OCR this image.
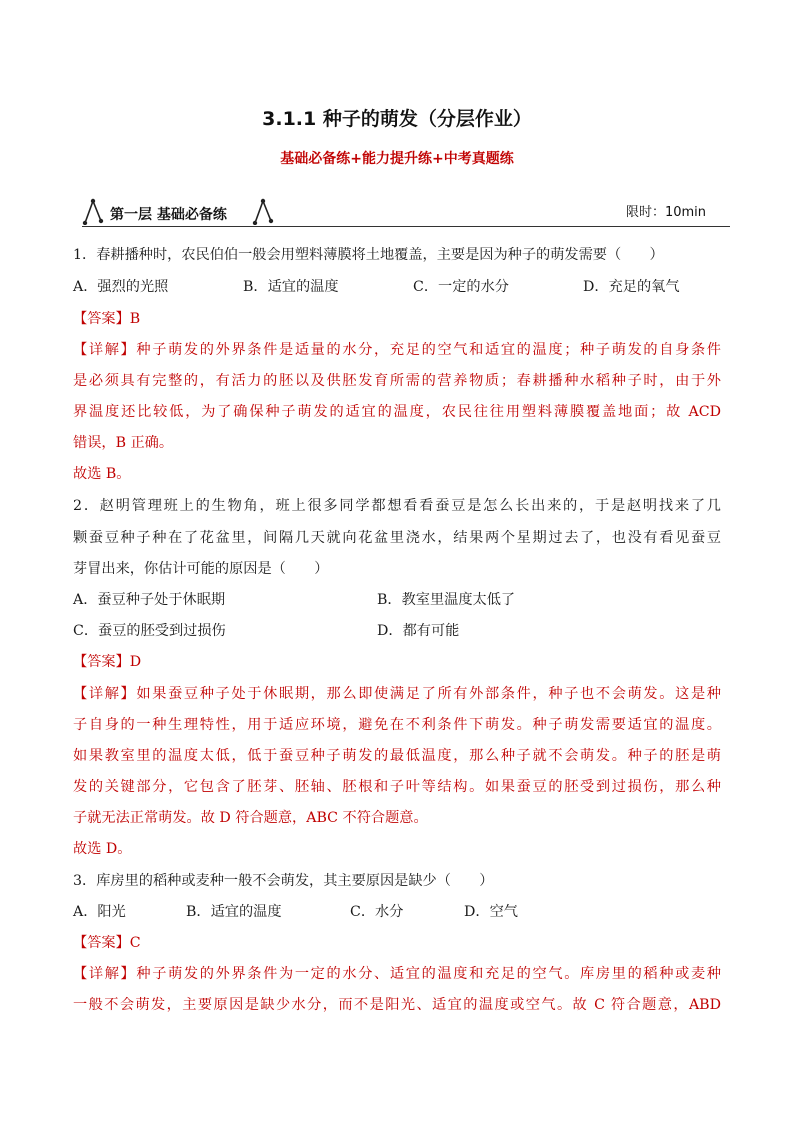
3.1.1 种子的萌发（分层作业）
基础必备练+能力提升练+中考真题练
第一层 基础必备练	限时：10min
1．春耕播种时，农民伯伯一般会用塑料薄膜将土地覆盖，主要是因为种子的萌发需要（　　）
A．强烈的光照	B．适宜的温度	C．一定的水分	D．充足的氧气
【答案】B
【详解】种子萌发的外界条件是适量的水分，充足的空气和适宜的温度；种子萌发的自身条件
是必须具有完整的，有活力的胚以及供胚发育所需的营养物质；春耕播种水稻种子时，由于外
界温度还比较低，为了确保种子萌发的适宜的温度，农民往往用塑料薄膜覆盖地面；故 ACD
错误，B 正确。
故选 B。
2．赵明管理班上的生物角，班上很多同学都想看看蚕豆是怎么长出来的，于是赵明找来了几
颗蚕豆种子种在了花盆里，间隔几天就向花盆里浇水，结果两个星期过去了，也没有看见蚕豆
芽冒出来，你估计可能的原因是（　　）
A．蚕豆种子处于休眠期	B．教室里温度太低了
C．蚕豆的胚受到过损伤	D．都有可能
【答案】D
【详解】如果蚕豆种子处于休眠期，那么即使满足了所有外部条件，种子也不会萌发。这是种
子自身的一种生理特性，用于适应环境，避免在不利条件下萌发。种子萌发需要适宜的温度。
如果教室里的温度太低，低于蚕豆种子萌发的最低温度，那么种子就不会萌发。种子的胚是萌
发的关键部分，它包含了胚芽、胚轴、胚根和子叶等结构。如果蚕豆的胚受到过损伤，那么种
子就无法正常萌发。故 D 符合题意，ABC 不符合题意。
故选 D。
3．库房里的稻种或麦种一般不会萌发，其主要原因是缺少（　　）
A．阳光	B．适宜的温度	C．水分	D．空气
【答案】C
【详解】种子萌发的外界条件为一定的水分、适宜的温度和充足的空气。库房里的稻种或麦种
一般不会萌发，主要原因是缺少水分，而不是阳光、适宜的温度或空气。故 C 符合题意，ABD
